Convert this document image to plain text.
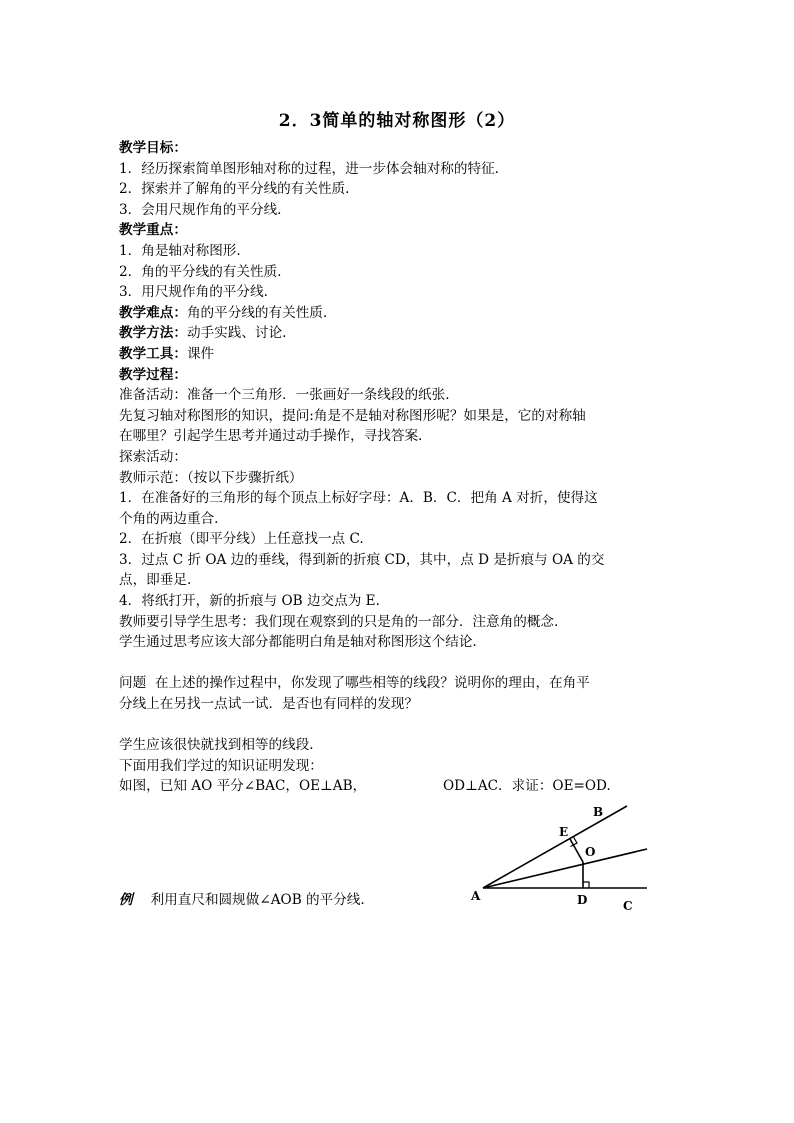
2．3简单的轴对称图形（2）

教学目标：

1．经历探索简单图形轴对称的过程，进一步体会轴对称的特征.

2．探索并了解角的平分线的有关性质.

3．会用尺规作角的平分线.

教学重点：

1．角是轴对称图形.

2．角的平分线的有关性质.

3．用尺规作角的平分线.

教学难点：角的平分线的有关性质.

教学方法：动手实践、讨论.

教学工具：课件

教学过程：

准备活动：准备一个三角形．一张画好一条线段的纸张.

先复习轴对称图形的知识，提问:角是不是轴对称图形呢？如果是，它的对称轴

在哪里？引起学生思考并通过动手操作，寻找答案.

探索活动：

教师示范：（按以下步骤折纸）

1．在准备好的三角形的每个顶点上标好字母：A．B．C．把角 A 对折，使得这

个角的两边重合.

2．在折痕（即平分线）上任意找一点 C.

3．过点 C 折 OA 边的垂线，得到新的折痕 CD，其中，点 D 是折痕与 OA 的交

点，即垂足.

4．将纸打开，新的折痕与 OB 边交点为 E.

教师要引导学生思考：我们现在观察到的只是角的一部分．注意角的概念.

学生通过思考应该大部分都能明白角是轴对称图形这个结论.

问题  在上述的操作过程中，你发现了哪些相等的线段？说明你的理由，在角平

分线上在另找一点试一试．是否也有同样的发现？

学生应该很快就找到相等的线段.

下面用我们学过的知识证明发现：

如图，已知 AO 平分∠BAC，OE⊥AB，	OD⊥AC．求证：OE=OD.
例 利用直尺和圆规做∠AOB 的平分线.	A
B
E
O
D	C
